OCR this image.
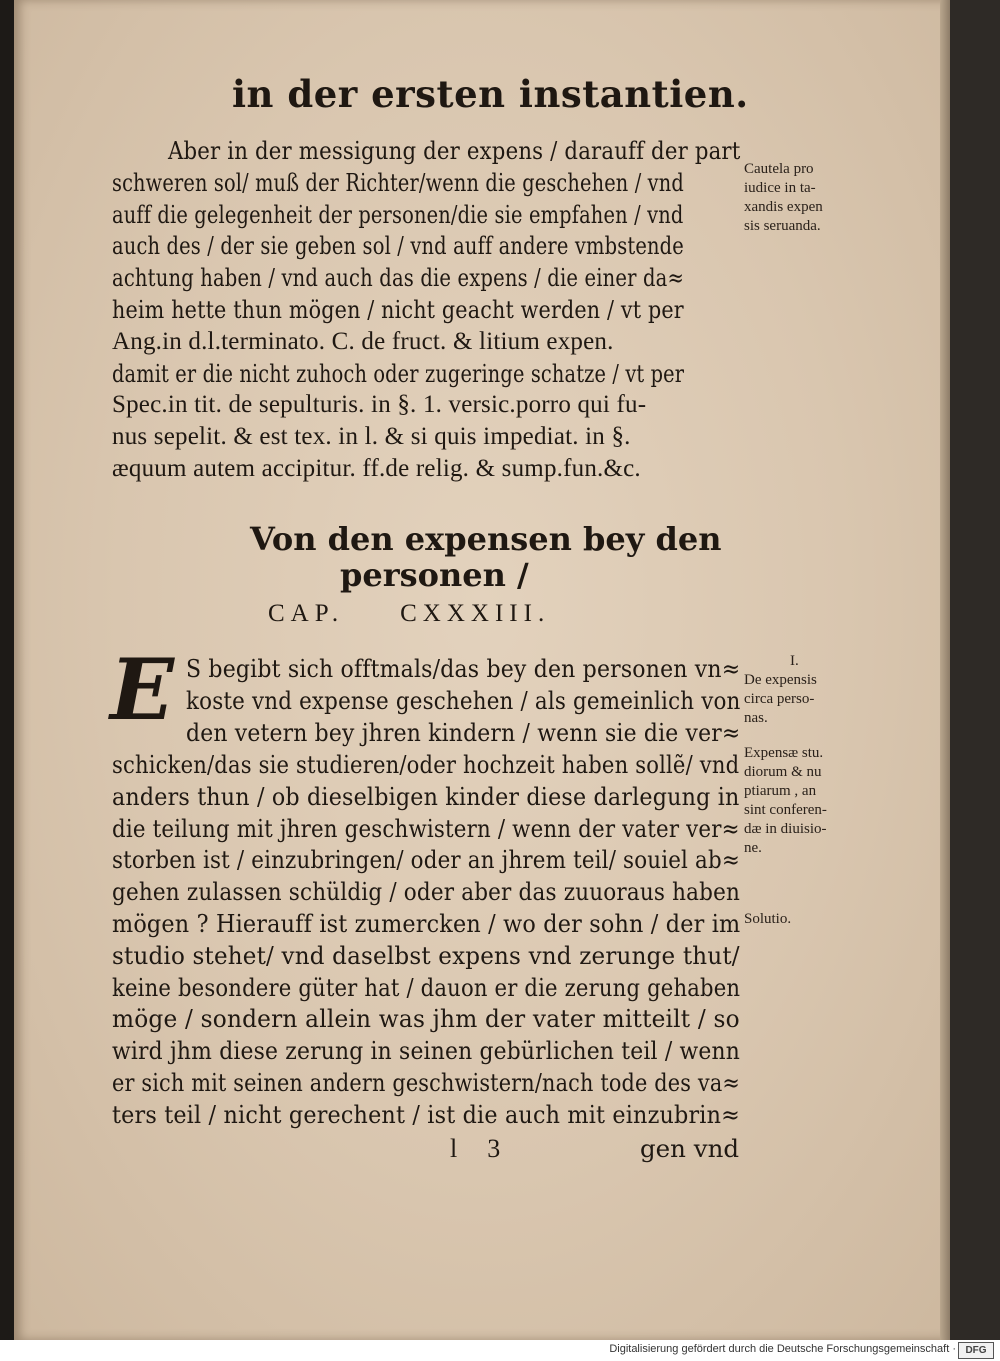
in der ersten instantien.
Aber in der messigung der expens / darauff der part
schweren sol/ muß der Richter/wenn die geschehen / vnd
auff die gelegenheit der personen/die sie empfahen / vnd
auch des / der sie geben sol / vnd auff andere vmbstende
achtung haben / vnd auch das die expens / die einer da≈
heim hette thun mögen / nicht geacht werden / vt per
Ang.in d.l.terminato. C. de fruct. & litium expen.
damit er die nicht zuhoch oder zugeringe schatze / vt per
Spec.in tit. de sepulturis. in §. 1. versic.porro qui fu-
nus sepelit. & est tex. in l. & si quis impediat. in §.
æquum autem accipitur. ff.de relig. & sump.fun.&c.
Von den expensen bey den
personen /
CAP. CXXXIII.
E S begibt sich offtmals/das bey den personen vn≈
koste vnd expense geschehen / als gemeinlich von
den vetern bey jhren kindern / wenn sie die ver≈
schicken/das sie studieren/oder hochzeit haben sollẽ/ vnd
anders thun / ob dieselbigen kinder diese darlegung in
die teilung mit jhren geschwistern / wenn der vater ver≈
storben ist / einzubringen/ oder an jhrem teil/ souiel ab≈
gehen zulassen schüldig / oder aber das zuuoraus haben
mögen ? Hierauff ist zumercken / wo der sohn / der im
studio stehet/ vnd daselbst expens vnd zerunge thut/
keine besondere güter hat / dauon er die zerung gehaben
möge / sondern allein was jhm der vater mitteilt / so
wird jhm diese zerung in seinen gebürlichen teil / wenn
er sich mit seinen andern geschwistern/nach tode des va≈
ters teil / nicht gerechent / ist die auch mit einzubrin≈
Cautela pro
iudice in ta-
xandis expen
sis seruanda.
I.
De expensis
circa perso-
nas.
Expensæ stu.
diorum & nu
ptiarum , an
sint conferen-
dæ in diuisio-
ne.
Solutio.
l 3	gen vnd
Digitalisierung gefördert durch die Deutsche Forschungsgemeinschaft · DFG
